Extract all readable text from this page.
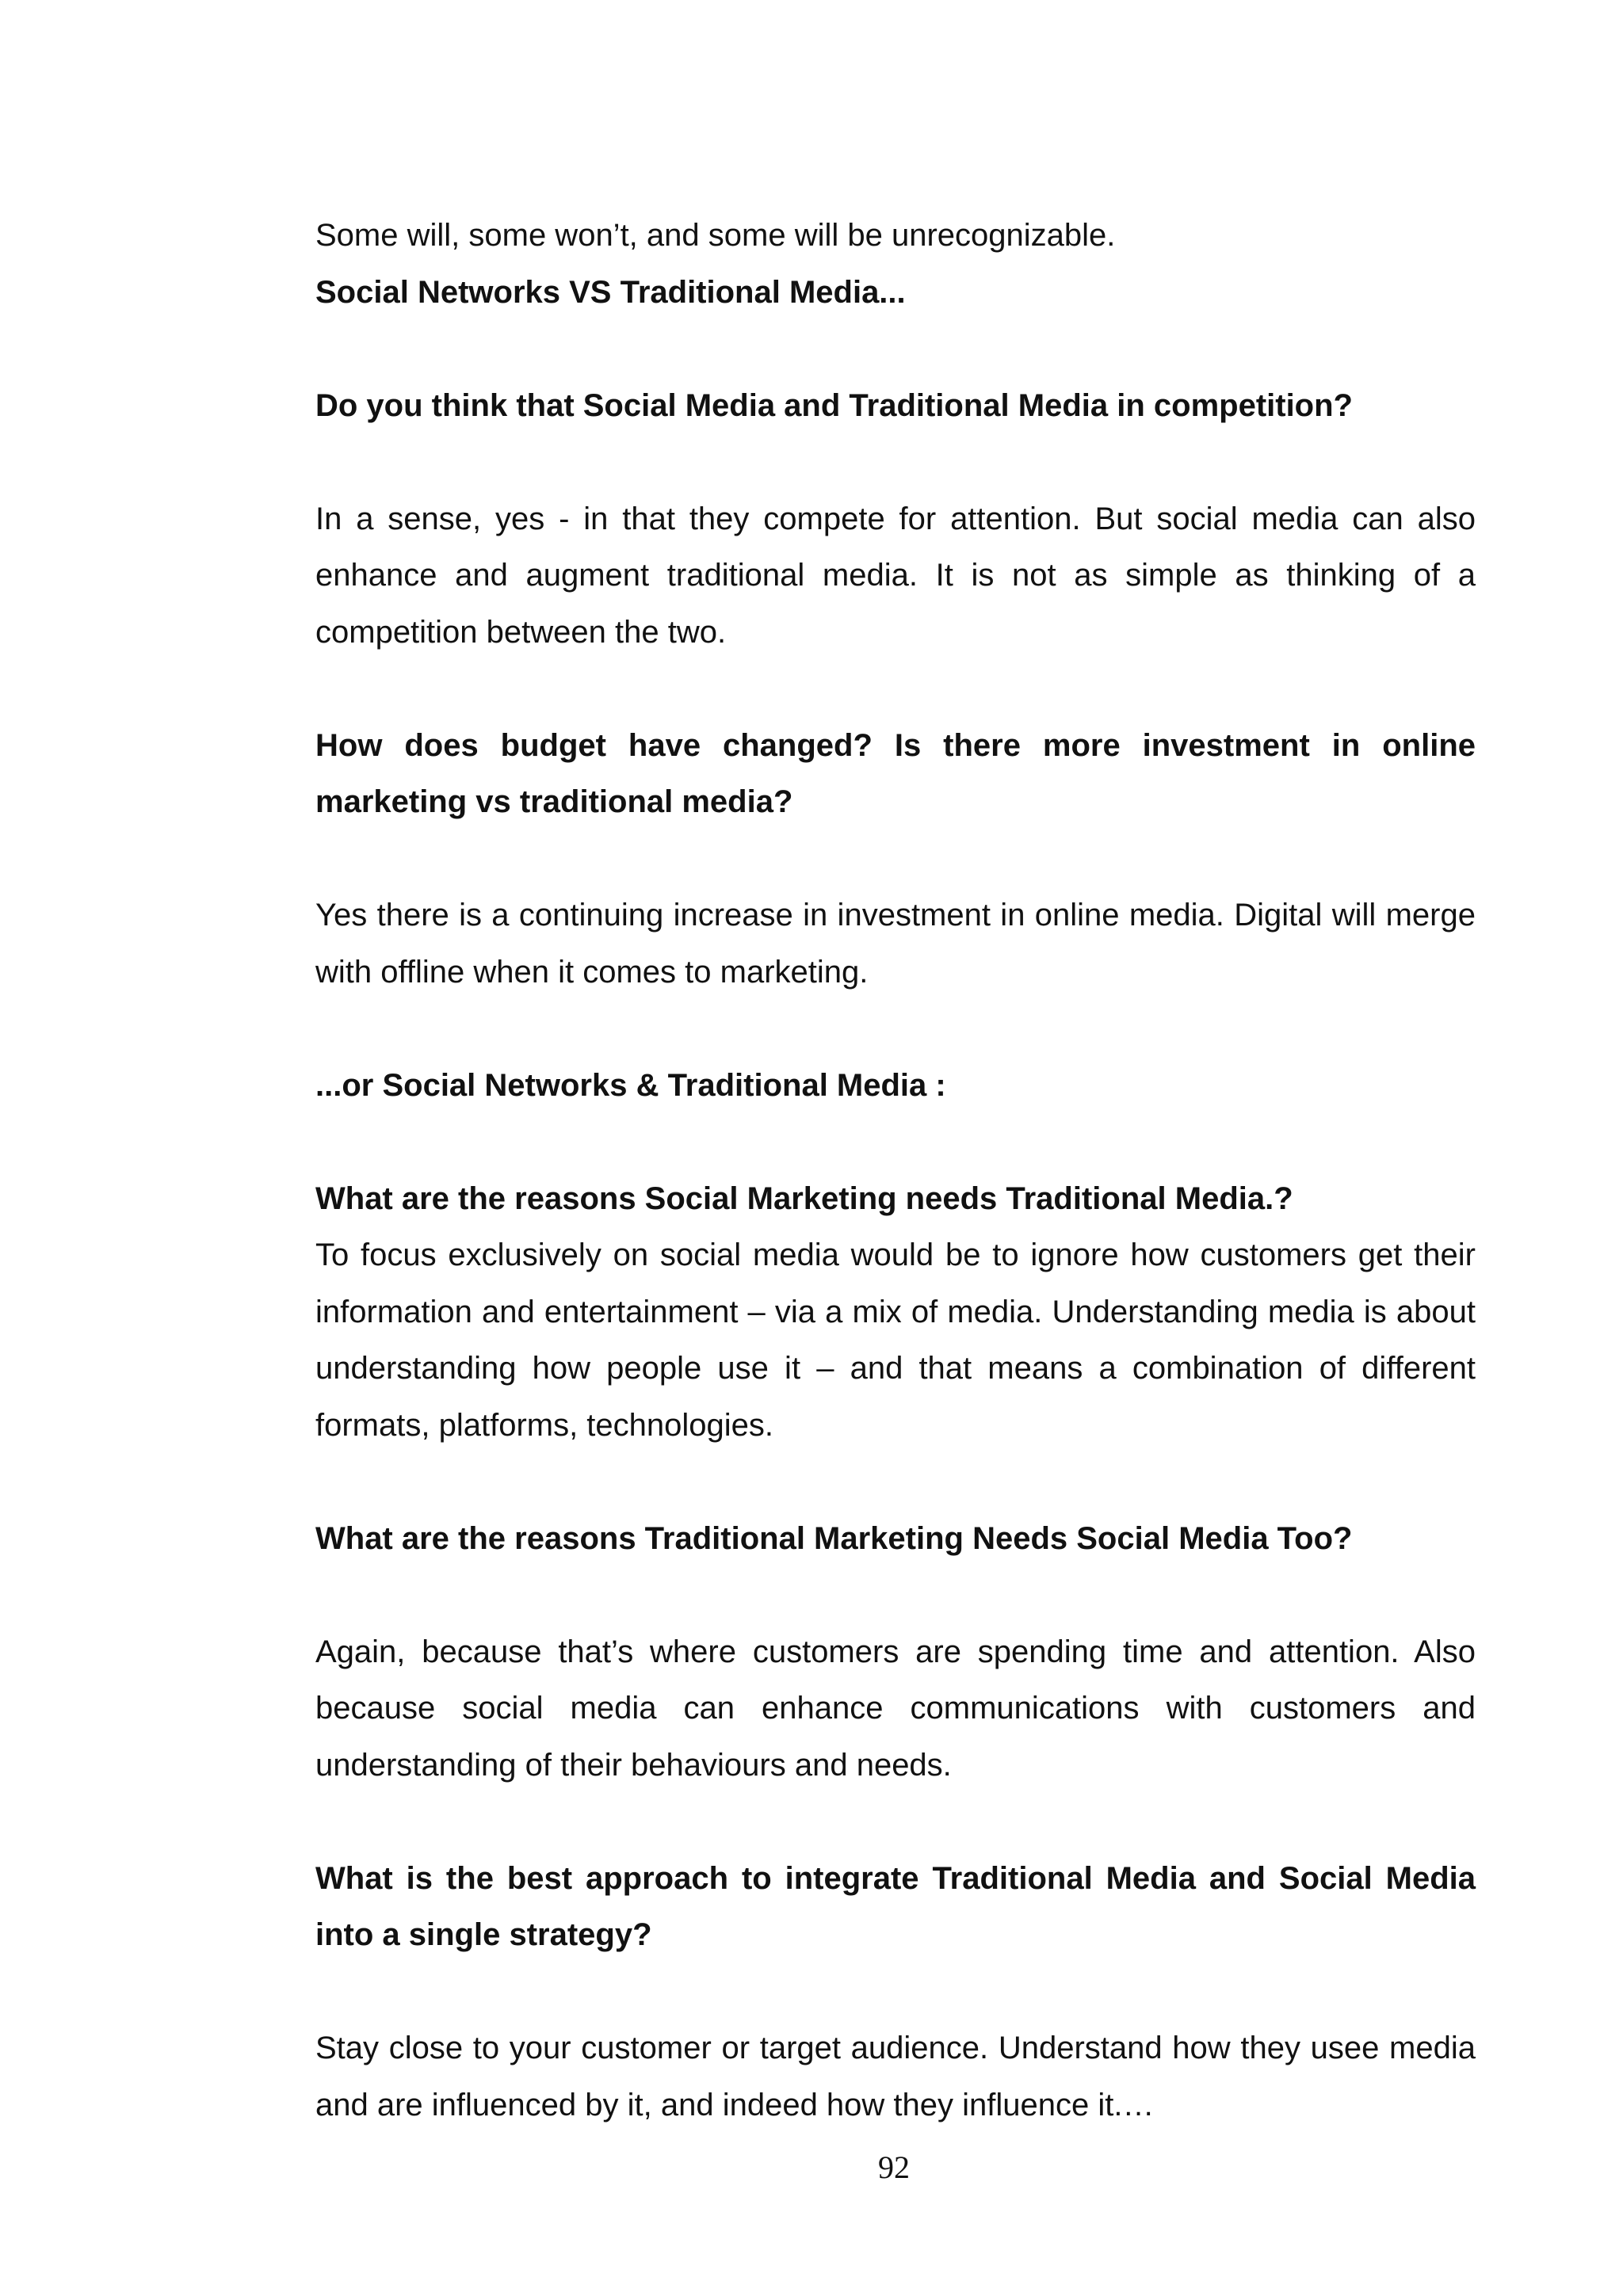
Some will, some won’t, and some will be unrecognizable.

Social Networks VS Traditional Media...

Do you think that Social Media and Traditional Media in competition?

In a sense, yes - in that they compete for attention. But social media can also enhance and augment traditional media. It is not as simple as thinking of a competition between the two.

How does budget have changed? Is there more investment in online marketing vs traditional media?

Yes there is a continuing increase in investment in online media. Digital will merge with offline when it comes to marketing.

...or Social Networks & Traditional Media :

What are the reasons Social Marketing needs Traditional Media.?

To focus exclusively on social media would be to ignore how customers get their information and entertainment – via a mix of media. Understanding media is about understanding how people use it – and that means a combination of different formats, platforms, technologies.

What are the reasons Traditional Marketing Needs Social Media Too?

Again, because that’s where customers are spending time and attention. Also because social media can enhance communications with customers and understanding of their behaviours and needs.

What is the best approach to integrate Traditional Media and Social Media into a single strategy?

Stay close to your customer or target audience. Understand how they usee media and are influenced by it, and indeed how they influence it.…

92
